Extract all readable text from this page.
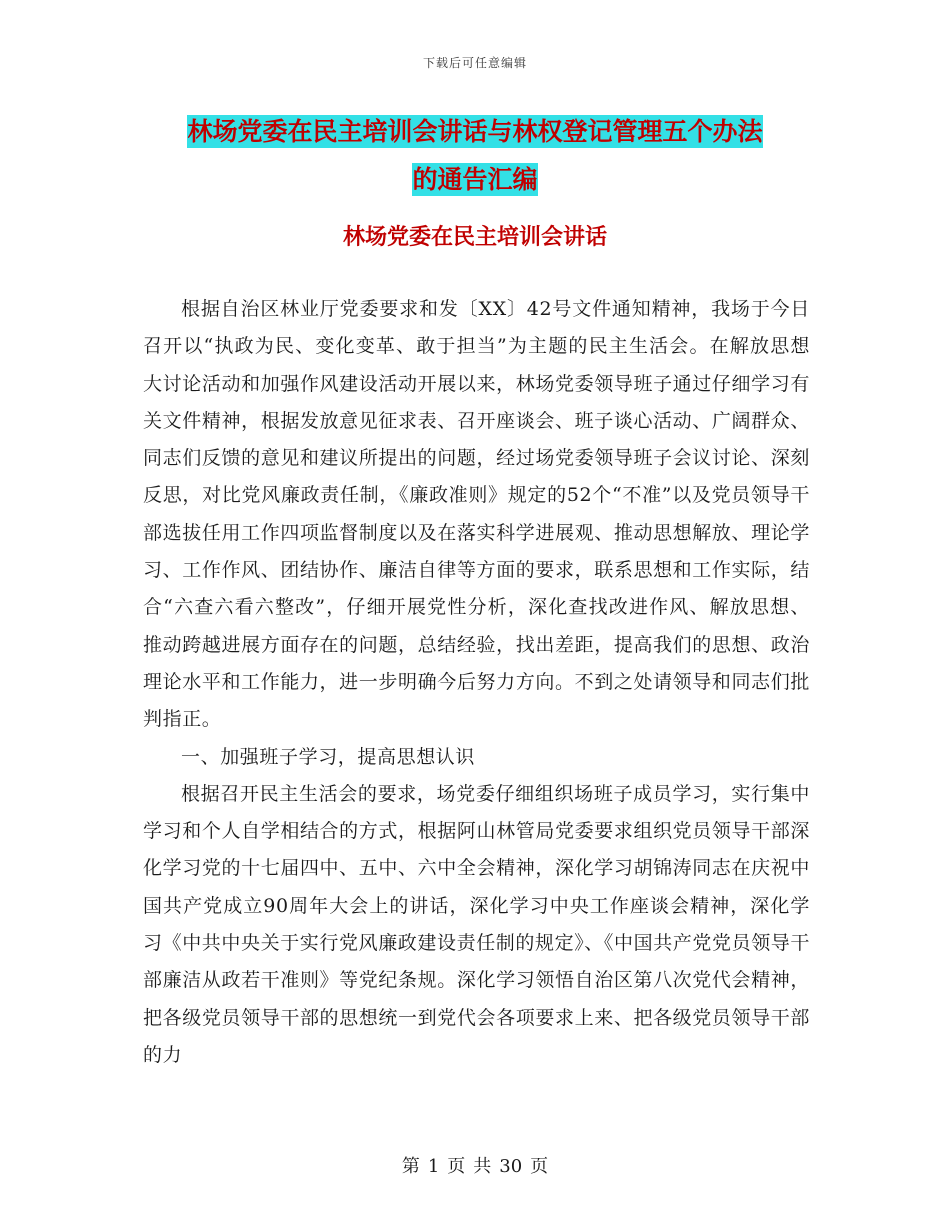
下载后可任意编辑
林场党委在民主培训会讲话与林权登记管理五个办法
的通告汇编
林场党委在民主培训会讲话

根据自治区林业厅党委要求和发〔XX〕42号文件通知精神，我场于今日召开以“执政为民、变化变革、敢于担当”为主题的民主生活会。在解放思想大讨论活动和加强作风建设活动开展以来，林场党委领导班子通过仔细学习有关文件精神，根据发放意见征求表、召开座谈会、班子谈心活动、广阔群众、同志们反馈的意见和建议所提出的问题，经过场党委领导班子会议讨论、深刻反思，对比党风廉政责任制，《廉政准则》规定的52个“不准”以及党员领导干部选拔任用工作四项监督制度以及在落实科学进展观、推动思想解放、理论学习、工作作风、团结协作、廉洁自律等方面的要求，联系思想和工作实际，结合“六查六看六整改”，仔细开展党性分析，深化查找改进作风、解放思想、推动跨越进展方面存在的问题，总结经验，找出差距，提高我们的思想、政治理论水平和工作能力，进一步明确今后努力方向。不到之处请领导和同志们批判指正。

一、加强班子学习，提高思想认识

根据召开民主生活会的要求，场党委仔细组织场班子成员学习，实行集中学习和个人自学相结合的方式，根据阿山林管局党委要求组织党员领导干部深化学习党的十七届四中、五中、六中全会精神，深化学习胡锦涛同志在庆祝中国共产党成立90周年大会上的讲话，深化学习中央工作座谈会精神，深化学习《中共中央关于实行党风廉政建设责任制的规定》、《中国共产党党员领导干部廉洁从政若干准则》等党纪条规。深化学习领悟自治区第八次党代会精神，把各级党员领导干部的思想统一到党代会各项要求上来、把各级党员领导干部的力

第 1 页 共 30 页
